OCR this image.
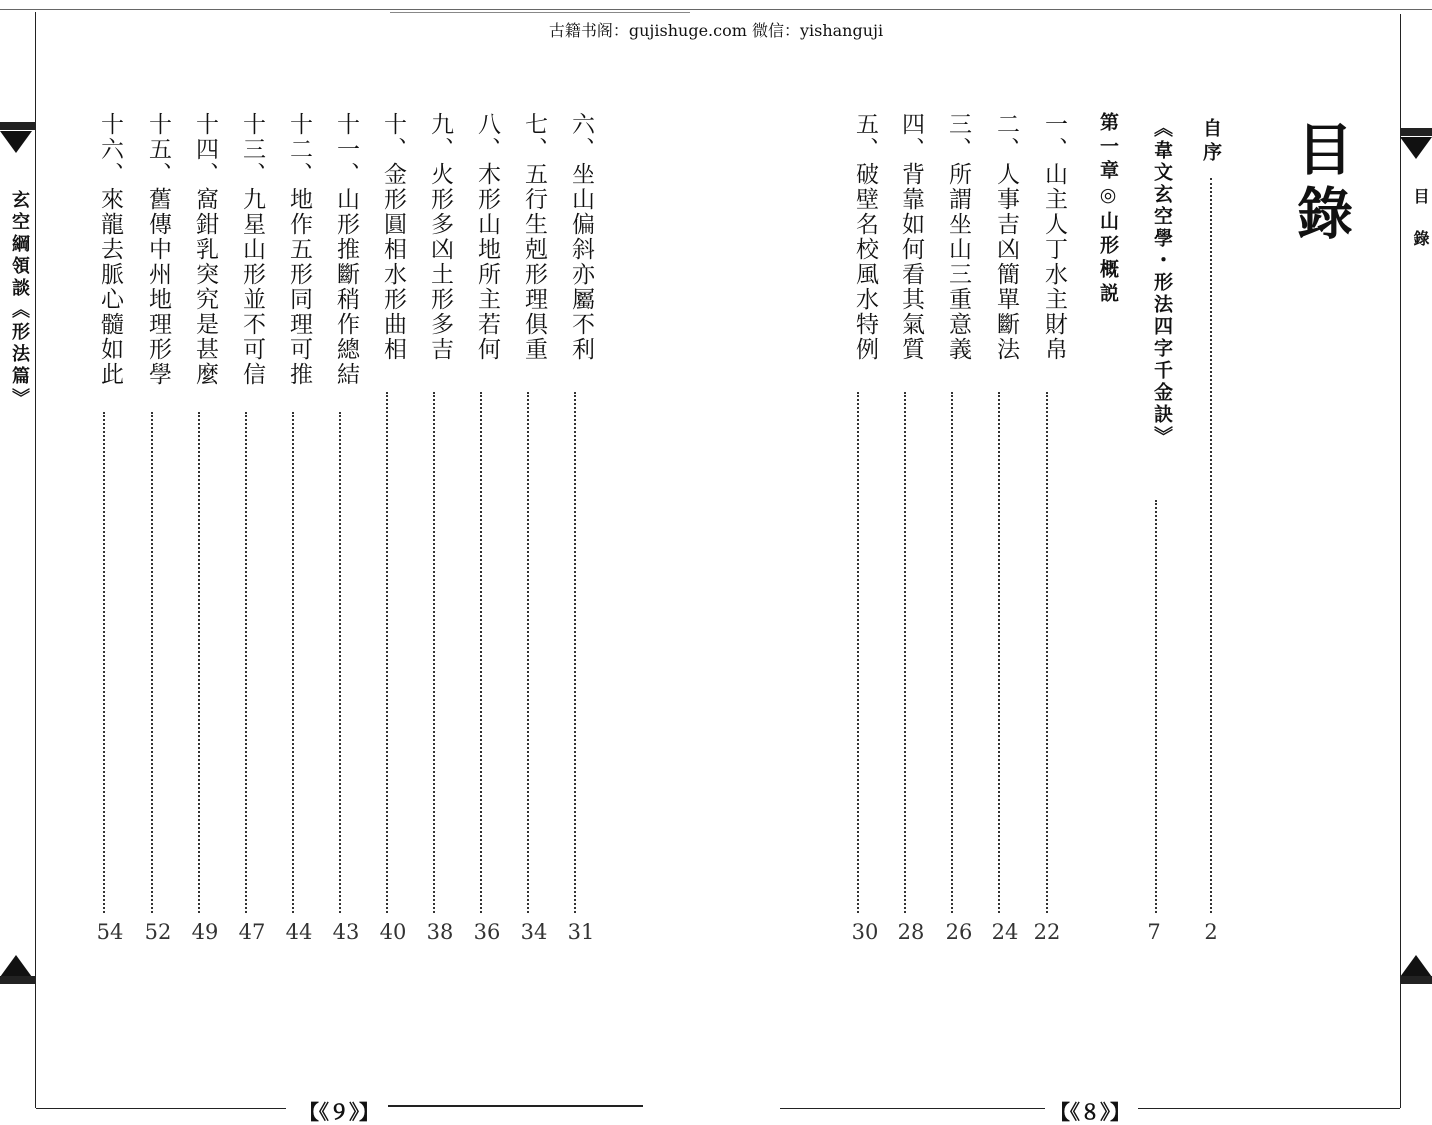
【《９》】	【《８》】
玄空綱領談《形法篇》	目錄
古籍书阁：gujishuge.com 微信：yishanguji
目錄
自序
2
《韋文玄空學・形法四字千金訣》
7
第一章◎山形概説
一、山主人丁水主財帛
22
二、人事吉凶簡單斷法
24
三、所謂坐山三重意義
26
四、背靠如何看其氣質
28
五、破壁名校風水特例
30
六、坐山偏斜亦屬不利
31
七、五行生剋形理俱重
34
八、木形山地所主若何
36
九、火形多凶土形多吉
38
十、金形圓相水形曲相
40
十一、山形推斷稍作總結
43
十二、地作五形同理可推
44
十三、九星山形並不可信
47
十四、窩鉗乳突究是甚麼
49
十五、舊傳中州地理形學
52
十六、來龍去脈心髓如此
54
